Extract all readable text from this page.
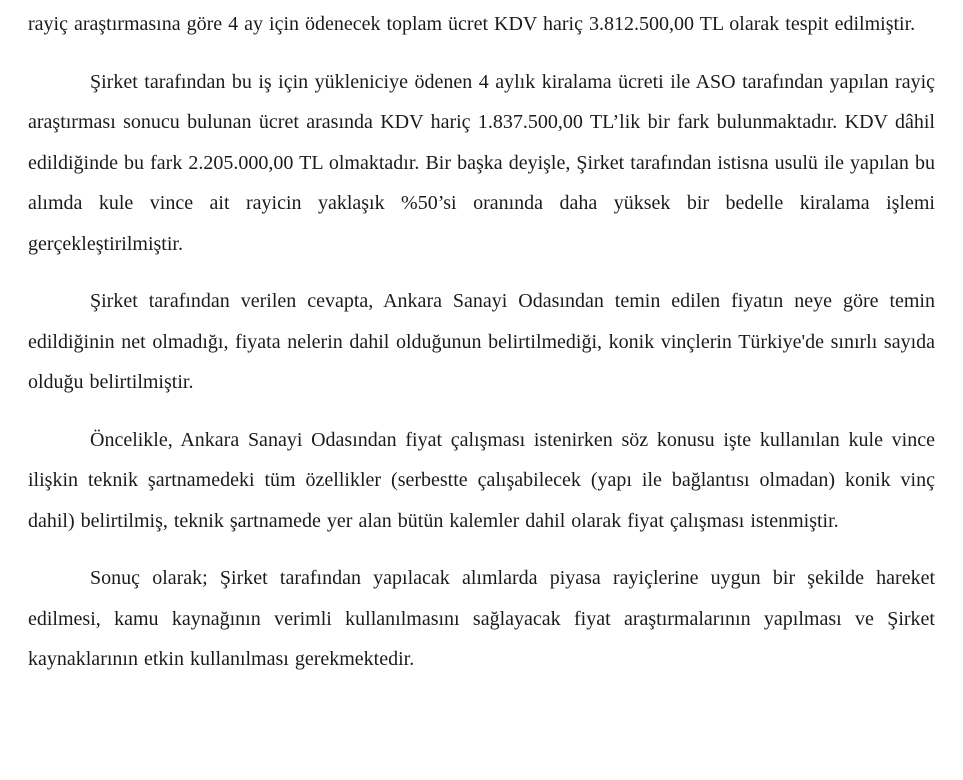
rayiç araştırmasına göre 4 ay için ödenecek toplam ücret KDV hariç 3.812.500,00 TL olarak tespit edilmiştir.

Şirket tarafından bu iş için yükleniciye ödenen 4 aylık kiralama ücreti ile ASO tarafından yapılan rayiç araştırması sonucu bulunan ücret arasında KDV hariç 1.837.500,00 TL’lik bir fark bulunmaktadır. KDV dâhil edildiğinde bu fark 2.205.000,00 TL olmaktadır. Bir başka deyişle, Şirket tarafından istisna usulü ile yapılan bu alımda kule vince ait rayicin yaklaşık %50’si oranında daha yüksek bir bedelle kiralama işlemi gerçekleştirilmiştir.

Şirket tarafından verilen cevapta, Ankara Sanayi Odasından temin edilen fiyatın neye göre temin edildiğinin net olmadığı, fiyata nelerin dahil olduğunun belirtilmediği, konik vinçlerin Türkiye'de sınırlı sayıda olduğu belirtilmiştir.

Öncelikle, Ankara Sanayi Odasından fiyat çalışması istenirken söz konusu işte kullanılan kule vince ilişkin teknik şartnamedeki tüm özellikler (serbestte çalışabilecek (yapı ile bağlantısı olmadan) konik vinç dahil) belirtilmiş, teknik şartnamede yer alan bütün kalemler dahil olarak fiyat çalışması istenmiştir.

Sonuç olarak; Şirket tarafından yapılacak alımlarda piyasa rayiçlerine uygun bir şekilde hareket edilmesi, kamu kaynağının verimli kullanılmasını sağlayacak fiyat araştırmalarının yapılması ve Şirket kaynaklarının etkin kullanılması gerekmektedir.
